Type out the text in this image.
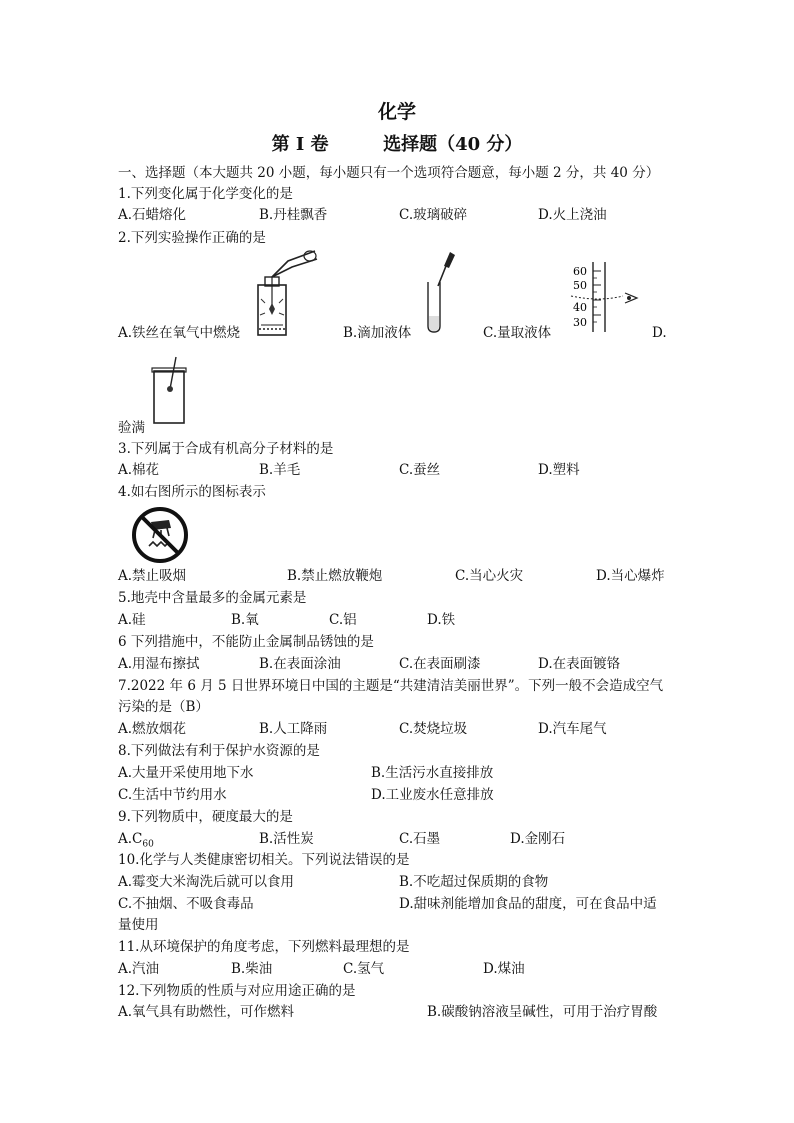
化学
第 I 卷	选择题（40 分）
一、选择题（本大题共 20 小题，每小题只有一个选项符合题意，每小题 2 分，共 40 分）
1.下列变化属于化学变化的是
A.石蜡熔化	B.丹桂飘香	C.玻璃破碎	D.火上浇油
2.下列实验操作正确的是
60
50
40
30
A.铁丝在氧气中燃烧	B.滴加液体	C.量取液体	D.
验满
3.下列属于合成有机高分子材料的是
A.棉花	B.羊毛	C.蚕丝	D.塑料
4.如右图所示的图标表示
A.禁止吸烟	B.禁止燃放鞭炮	C.当心火灾	D.当心爆炸
5.地壳中含量最多的金属元素是
A.硅	B.氧	C.铝	D.铁
6 下列措施中，不能防止金属制品锈蚀的是
A.用湿布擦拭	B.在表面涂油	C.在表面刷漆	D.在表面镀铬
7.2022 年 6 月 5 日世界环境日中国的主题是“共建清洁美丽世界”。下列一般不会造成空气
污染的是（B）
A.燃放烟花	B.人工降雨	C.焚烧垃圾	D.汽车尾气
8.下列做法有利于保护水资源的是
A.大量开采使用地下水	B.生活污水直接排放
C.生活中节约用水	D.工业废水任意排放
9.下列物质中，硬度最大的是
$A.C_{60}$	B.活性炭	C.石墨	D.金刚石
10.化学与人类健康密切相关。下列说法错误的是
A.霉变大米淘洗后就可以食用	B.不吃超过保质期的食物
C.不抽烟、不吸食毒品	D.甜味剂能增加食品的甜度，可在食品中适
量使用
11.从环境保护的角度考虑，下列燃料最理想的是
A.汽油	B.柴油	C.氢气	D.煤油
12.下列物质的性质与对应用途正确的是
A.氧气具有助燃性，可作燃料	B.碳酸钠溶液呈碱性，可用于治疗胃酸
